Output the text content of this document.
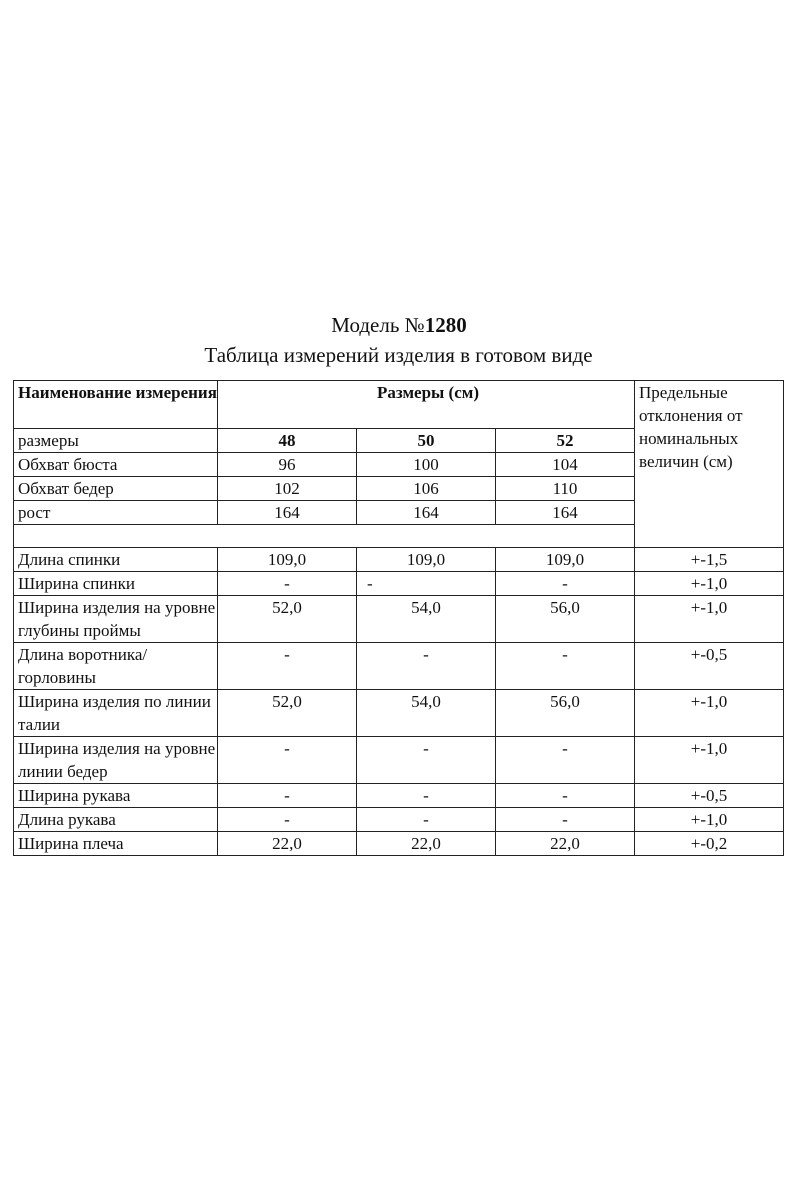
Модель №1280
Таблица измерений изделия в готовом виде
Наименование измерения	Размеры (см)			Предельные отклонения от номинальных величин (см)
размеры	48	50	52	
Обхват бюста	96	100	104	
Обхват бедер	102	106	110	
рост	164	164	164	

Длина спинки	109,0	109,0	109,0	+-1,5
Ширина спинки	-	-	-	+-1,0
Ширина изделия на уровне глубины проймы	52,0	54,0	56,0	+-1,0
Длина воротника/горловины	-	-	-	+-0,5
Ширина изделия по линии талии	52,0	54,0	56,0	+-1,0
Ширина изделия на уровне линии бедер	-	-	-	+-1,0
Ширина рукава	-	-	-	+-0,5
Длина рукава	-	-	-	+-1,0
Ширина плеча	22,0	22,0	22,0	+-0,2
